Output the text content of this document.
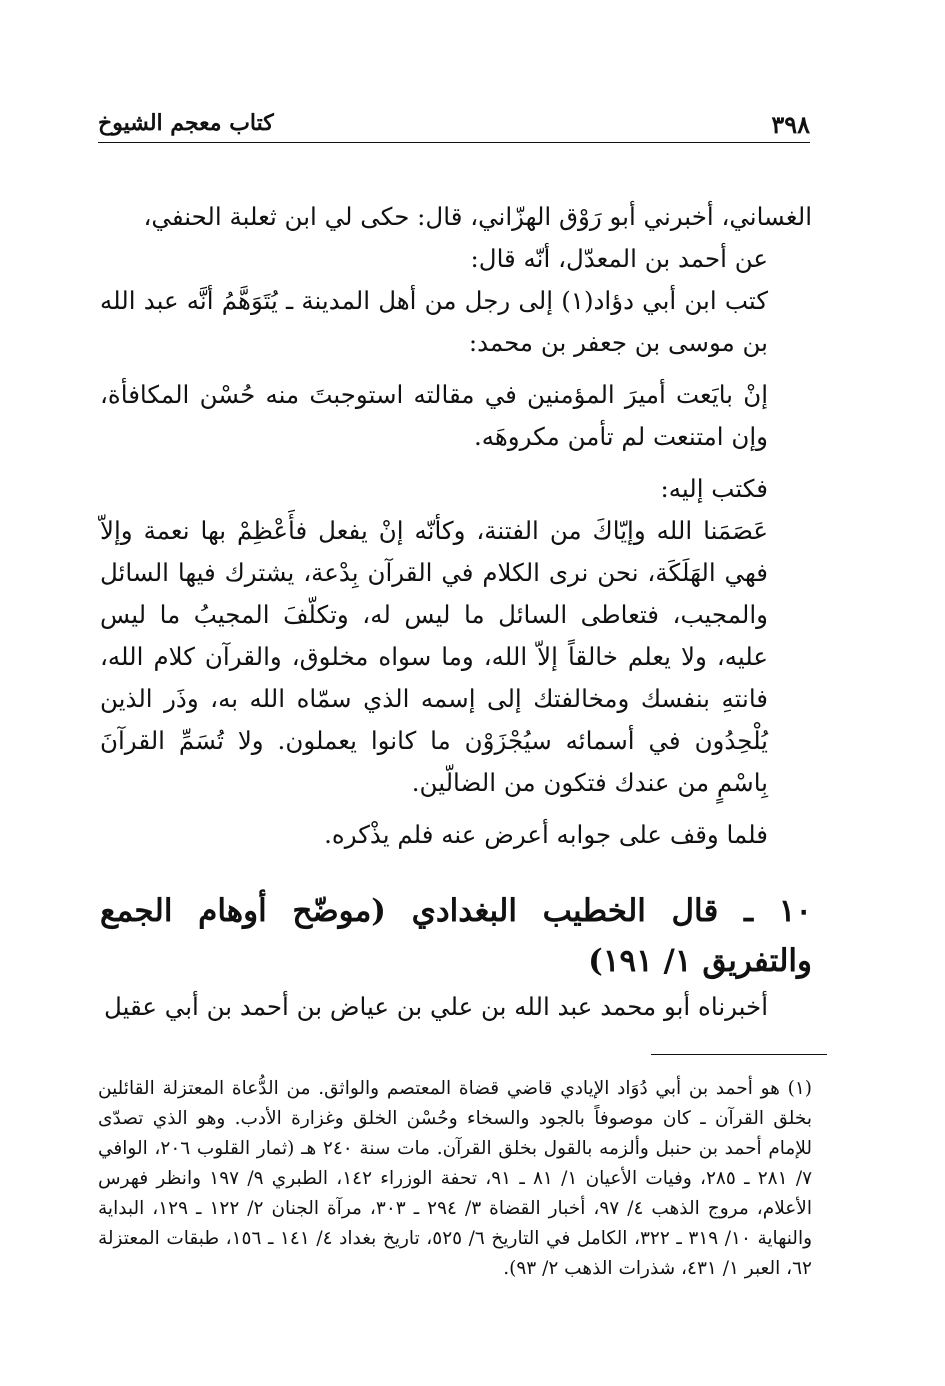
٣٩٨
كتاب معجم الشيوخ

الغساني، أخبرني أبو رَوْق الهزّاني، قال: حكى لي ابن ثعلبة الحنفي،

عن أحمد بن المعدّل، أنّه قال:

كتب ابن أبي دؤاد(١) إلى رجل من أهل المدينة ـ يُتَوَهَّمُ أنَّه عبد الله بن موسى بن جعفر بن محمد:

إنْ بايَعت أميرَ المؤمنين في مقالته استوجبتَ منه حُسْن المكافأة، وإن امتنعت لم تأمن مكروهَه.

فكتب إليه:

عَصَمَنا الله وإيّاكَ من الفتنة، وكأنّه إنْ يفعل فأَعْظِمْ بها نعمة وإلاّ فهي الهَلَكَة، نحن نرى الكلام في القرآن بِدْعة، يشترك فيها السائل والمجيب، فتعاطى السائل ما ليس له، وتكلّفَ المجيبُ ما ليس عليه، ولا يعلم خالقاً إلاّ الله، وما سواه مخلوق، والقرآن كلام الله، فانتهِ بنفسك ومخالفتك إلى إسمه الذي سمّاه الله به، وذَر الذين يُلْحِدُون في أسمائه سيُجْزَوْن ما كانوا يعملون. ولا تُسَمِّ القرآنَ بِاسْمٍ من عندك فتكون من الضالّين.

فلما وقف على جوابه أعرض عنه فلم يذْكره.

١٠ ـ قال الخطيب البغدادي (موضّح أوهام الجمع والتفريق ١/ ١٩١)
أخبرناه أبو محمد عبد الله بن علي بن عياض بن أحمد بن أبي عقيل

(١) هو أحمد بن أبي دُوَاد الإيادي قاضي قضاة المعتصم والواثق. من الدُّعاة المعتزلة القائلين بخلق القرآن ـ كان موصوفاً بالجود والسخاء وحُسْن الخلق وغزارة الأدب. وهو الذي تصدّى للإمام أحمد بن حنبل وألزمه بالقول بخلق القرآن. مات سنة ٢٤٠ هـ (ثمار القلوب ٢٠٦، الوافي ٧/ ٢٨١ ـ ٢٨٥، وفيات الأعيان ١/ ٨١ ـ ٩١، تحفة الوزراء ١٤٢، الطبري ٩/ ١٩٧ وانظر فهرس الأعلام، مروج الذهب ٤/ ٩٧، أخبار القضاة ٣/ ٢٩٤ ـ ٣٠٣، مرآة الجنان ٢/ ١٢٢ ـ ١٢٩، البداية والنهاية ١٠/ ٣١٩ ـ ٣٢٢، الكامل في التاريخ ٦/ ٥٢٥، تاريخ بغداد ٤/ ١٤١ ـ ١٥٦، طبقات المعتزلة ٦٢، العبر ١/ ٤٣١، شذرات الذهب ٢/ ٩٣).
